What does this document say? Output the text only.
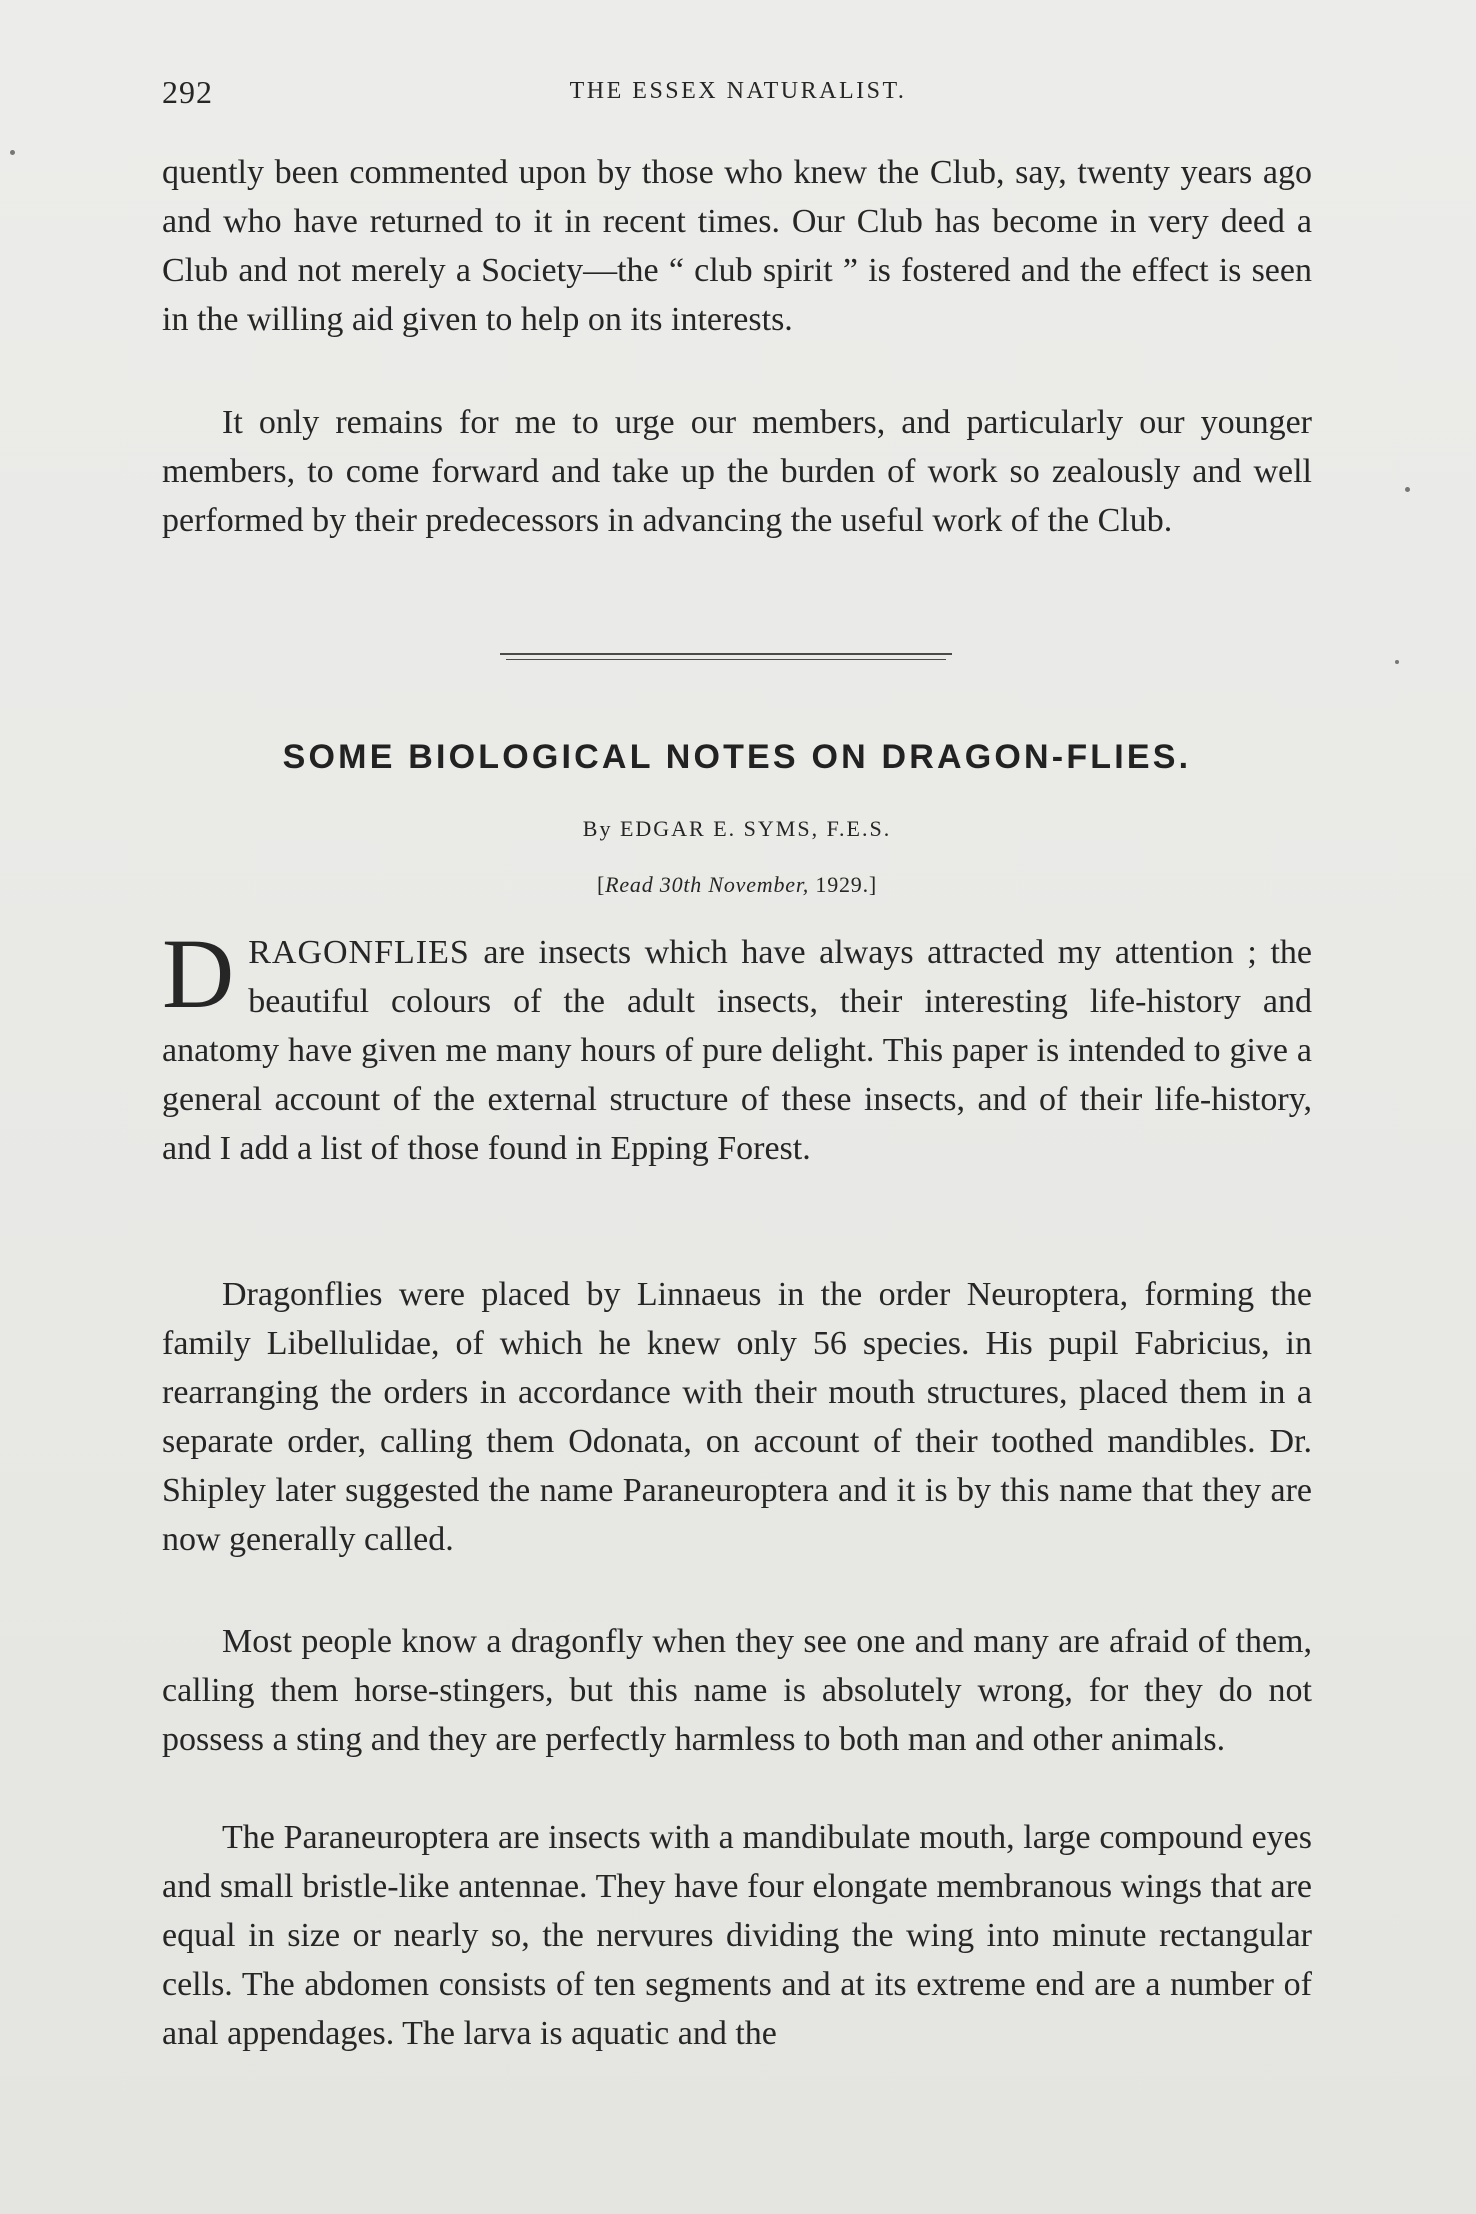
292	THE ESSEX NATURALIST.

quently been commented upon by those who knew the Club, say, twenty years ago and who have returned to it in recent times. Our Club has become in very deed a Club and not merely a Society—the “ club spirit ” is fostered and the effect is seen in the willing aid given to help on its interests.

It only remains for me to urge our members, and particularly our younger members, to come forward and take up the burden of work so zealously and well performed by their predecessors in advancing the useful work of the Club.

SOME BIOLOGICAL NOTES ON DRAGON-FLIES.
By EDGAR E. SYMS, F.E.S.
[Read 30th November, 1929.]

DRAGONFLIES are insects which have always attracted my attention ; the beautiful colours of the adult insects, their interesting life-history and anatomy have given me many hours of pure delight. This paper is intended to give a general account of the external structure of these insects, and of their life-history, and I add a list of those found in Epping Forest.

Dragonflies were placed by Linnaeus in the order Neuroptera, forming the family Libellulidae, of which he knew only 56 species. His pupil Fabricius, in rearranging the orders in accordance with their mouth structures, placed them in a separate order, calling them Odonata, on account of their toothed mandibles. Dr. Shipley later suggested the name Paraneuroptera and it is by this name that they are now generally called.

Most people know a dragonfly when they see one and many are afraid of them, calling them horse-stingers, but this name is absolutely wrong, for they do not possess a sting and they are perfectly harmless to both man and other animals.

The Paraneuroptera are insects with a mandibulate mouth, large compound eyes and small bristle-like antennae. They have four elongate membranous wings that are equal in size or nearly so, the nervures dividing the wing into minute rectangular cells. The abdomen consists of ten segments and at its extreme end are a number of anal appendages. The larva is aquatic and the
